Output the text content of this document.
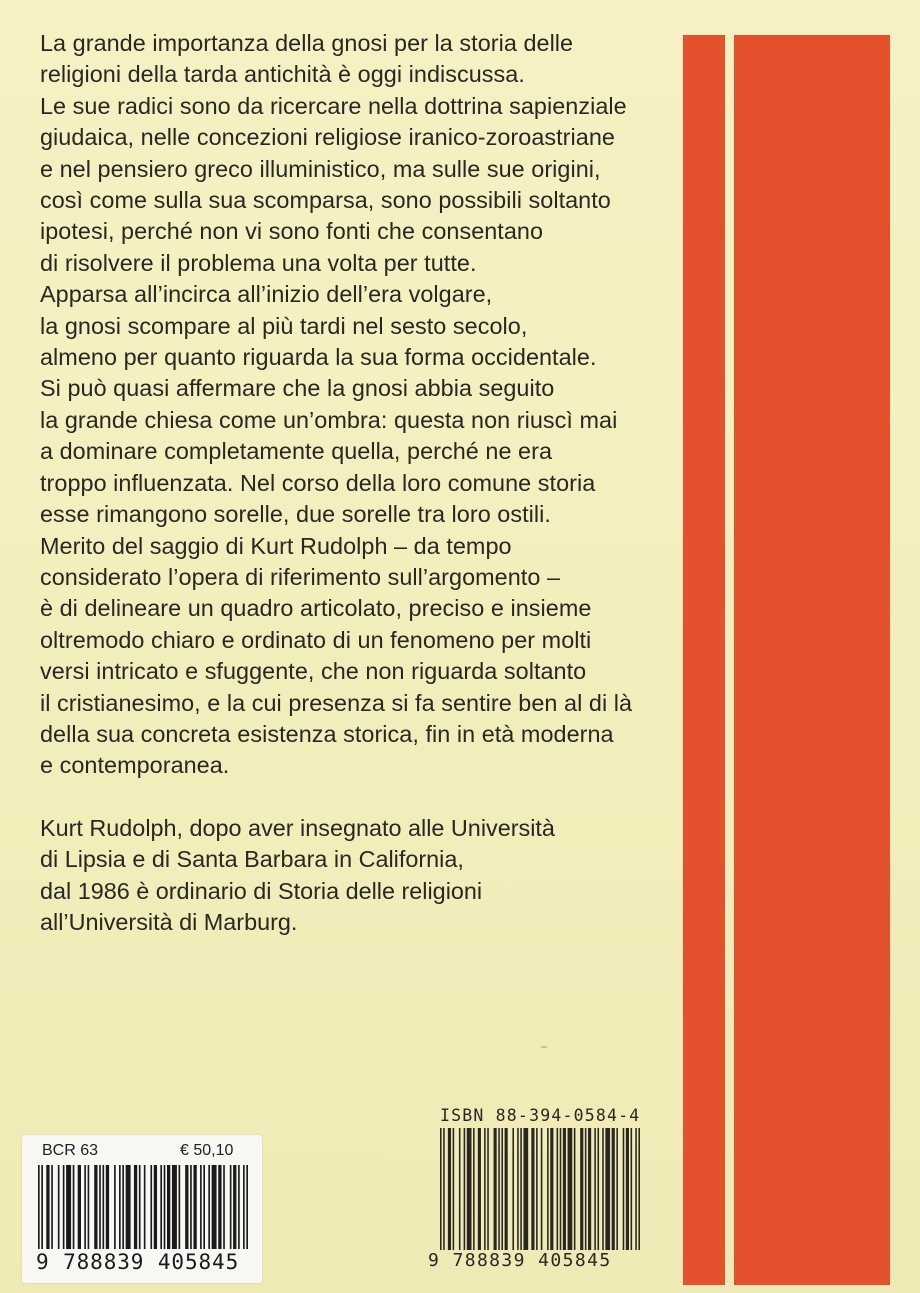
La grande importanza della gnosi per la storia delle
religioni della tarda antichità è oggi indiscussa.
Le sue radici sono da ricercare nella dottrina sapienziale
giudaica, nelle concezioni religiose iranico-zoroastriane
e nel pensiero greco illuministico, ma sulle sue origini,
così come sulla sua scomparsa, sono possibili soltanto
ipotesi, perché non vi sono fonti che consentano
di risolvere il problema una volta per tutte.
Apparsa all’incirca all’inizio dell’era volgare,
la gnosi scompare al più tardi nel sesto secolo,
almeno per quanto riguarda la sua forma occidentale.
Si può quasi affermare che la gnosi abbia seguito
la grande chiesa come un’ombra: questa non riuscì mai
a dominare completamente quella, perché ne era
troppo influenzata. Nel corso della loro comune storia
esse rimangono sorelle, due sorelle tra loro ostili.
Merito del saggio di Kurt Rudolph – da tempo
considerato l’opera di riferimento sull’argomento –
è di delineare un quadro articolato, preciso e insieme
oltremodo chiaro e ordinato di un fenomeno per molti
versi intricato e sfuggente, che non riguarda soltanto
il cristianesimo, e la cui presenza si fa sentire ben al di là
della sua concreta esistenza storica, fin in età moderna
e contemporanea.
Kurt Rudolph, dopo aver insegnato alle Università
di Lipsia e di Santa Barbara in California,
dal 1986 è ordinario di Storia delle religioni
all’Università di Marburg.
BCR 63	€ 50,10
9 788839 405845
ISBN 88-394-0584-4
9 788839 405845
